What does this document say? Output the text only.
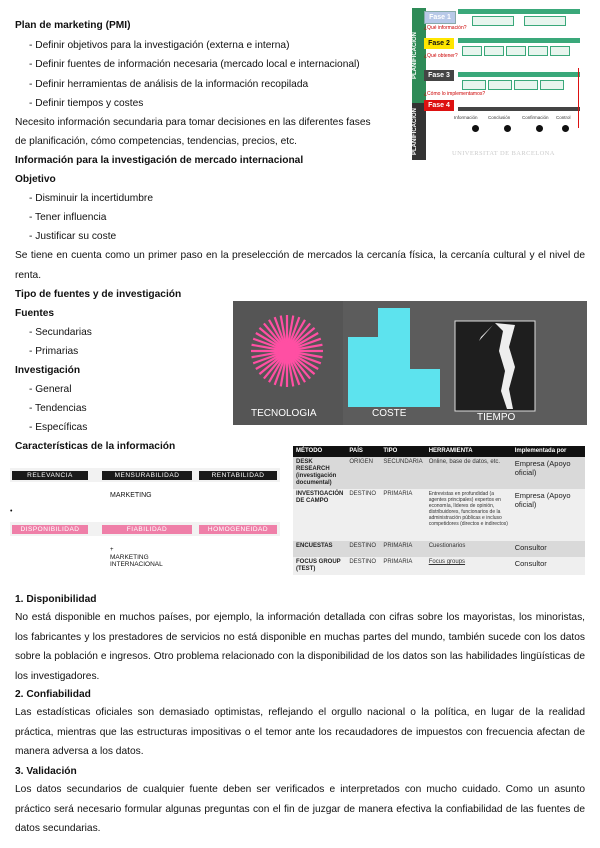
Plan de marketing (PMI)
- Definir objetivos para la investigación (externa e interna)
- Definir fuentes de información necesaria (mercado local e internacional)
- Definir herramientas de análisis de la información recopilada
- Definir tiempos y costes
Necesito información secundaria para tomar decisiones en las diferentes fases
de planificación, cómo competencias, tendencias, precios, etc.
PLANIFICACIÓN
PLANIFICACIÓN
Fase 1
¿Qué información?
Fase 2
¿Qué obtener?
Fase 3
¿Cómo lo implementamos?
Fase 4
Información Conclusión	Confirmación Control
UNIVERSITAT DE BARCELONA
Información para la investigación de mercado internacional
Objetivo
- Disminuir la incertidumbre
- Tener influencia
- Justificar su coste
Se tiene en cuenta como un primer paso en la preselección de mercados la cercanía física, la cercanía cultural y el nivel de renta.
Tipo de fuentes y de investigación
Fuentes
- Secundarias
- Primarias
Investigación
- General
- Tendencias
- Específicas
Características de la información
TECNOLOGIA	COSTE	TIEMPO
RELEVANCIA	MENSURABILIDAD	RENTABILIDAD
MARKETING
•
DISPONIBILIDAD	FIABILIDAD	HOMOGENEIDAD
+
MARKETING
INTERNACIONAL
MÉTODO	PAÍS	TIPO	HERRAMIENTA	Implementada por
DESK RESEARCH (investigación documental)	ORIGEN	SECUNDARIA	Online, base de datos, etc.	Empresa (Apoyo oficial)
INVESTIGACIÓN DE CAMPO	DESTINO	PRIMARIA	Entrevistas en profundidad (a agentes principales) expertos en economía, líderes de opinión, distribuidores, funcionarios de la administración públicas e incluso competidores (directos e indirectos)	Empresa (Apoyo oficial)
ENCUESTAS	DESTINO	PRIMARIA	Cuestionarios	Consultor
FOCUS GROUP (TEST)	DESTINO	PRIMARIA	Focus groups	Consultor
1. Disponibilidad
No está disponible en muchos países, por ejemplo, la información detallada con cifras sobre los mayoristas, los minoristas, los fabricantes y los prestadores de servicios no está disponible en muchas partes del mundo, también sucede con los datos sobre la población e ingresos. Otro problema relacionado con la disponibilidad de los datos son las habilidades lingüísticas de los investigadores.
2. Confiabilidad
Las estadísticas oficiales son demasiado optimistas, reflejando el orgullo nacional o la política, en lugar de la realidad práctica, mientras que las estructuras impositivas o el temor ante los recaudadores de impuestos con frecuencia afectan de manera adversa a los datos.
3. Validación
Los datos secundarios de cualquier fuente deben ser verificados e interpretados con mucho cuidado. Como un asunto práctico será necesario formular algunas preguntas con el fin de juzgar de manera efectiva la confiabilidad de las fuentes de datos secundarias.
